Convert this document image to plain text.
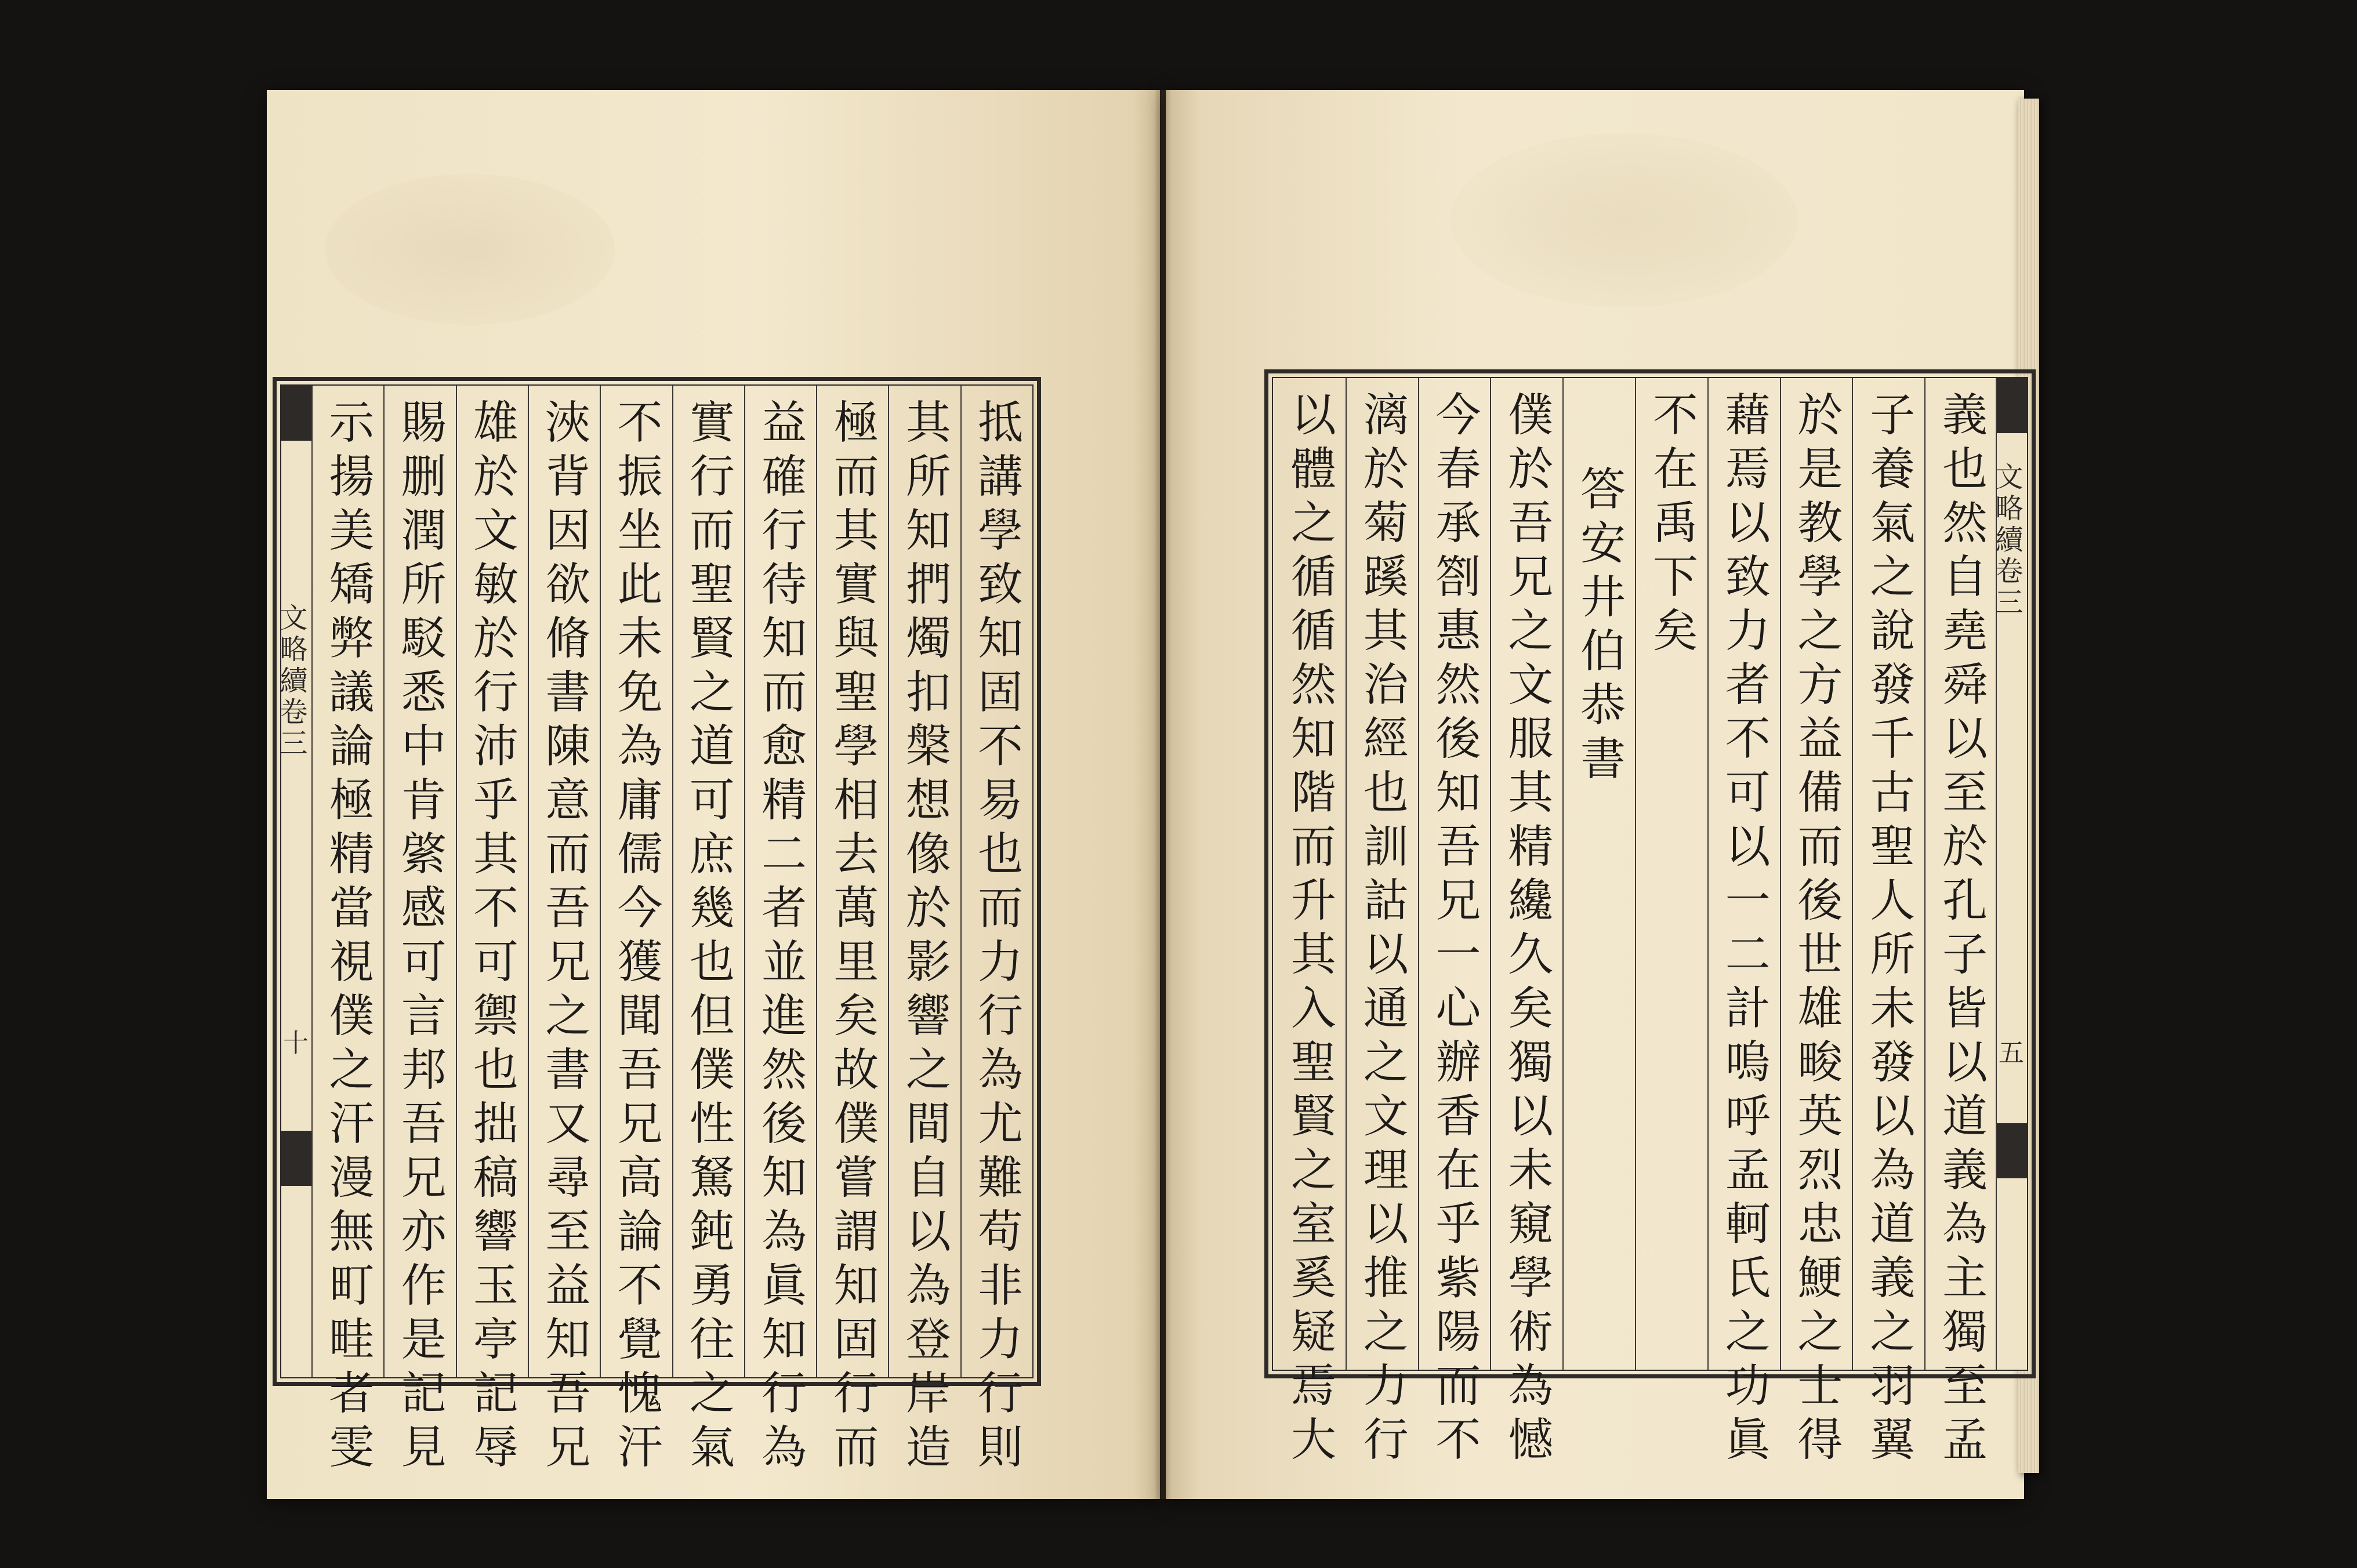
文略續卷三
十	抵講學致知固不易也而力行為尤難苟非力行則
其所知捫燭扣槃想像於影響之間自以為登岸造
極而其實與聖學相去萬里矣故僕嘗謂知固行而
益確行待知而愈精二者並進然後知為眞知行為
實行而聖賢之道可庶幾也但僕性駑鈍勇往之氣
不振坐此未免為庸儒今獲聞吾兄高論不覺愧汗
浹背因欲脩書陳意而吾兄之書又尋至益知吾兄
雄於文敏於行沛乎其不可禦也拙稿響玉亭記辱
賜删潤所駁悉中肯綮感可言邦吾兄亦作是記見
示揚美矯弊議論極精當視僕之汗漫無町畦者雯	文略續卷三
五
義也然自堯舜以至於孔子皆以道義為主獨至孟
子養氣之說發千古聖人所未發以為道義之羽翼
於是教學之方益備而後世雄畯英烈忠鯁之士得
藉焉以致力者不可以一二計嗚呼孟軻氏之功眞
不在禹下矣
答安井伯恭書
僕於吾兄之文服其精纔久矣獨以未窺學術為憾
今春承劄惠然後知吾兄一心辦香在乎紫陽而不
漓於菊蹊其治經也訓詁以通之文理以推之力行
以體之循循然知階而升其入聖賢之室奚疑焉大
